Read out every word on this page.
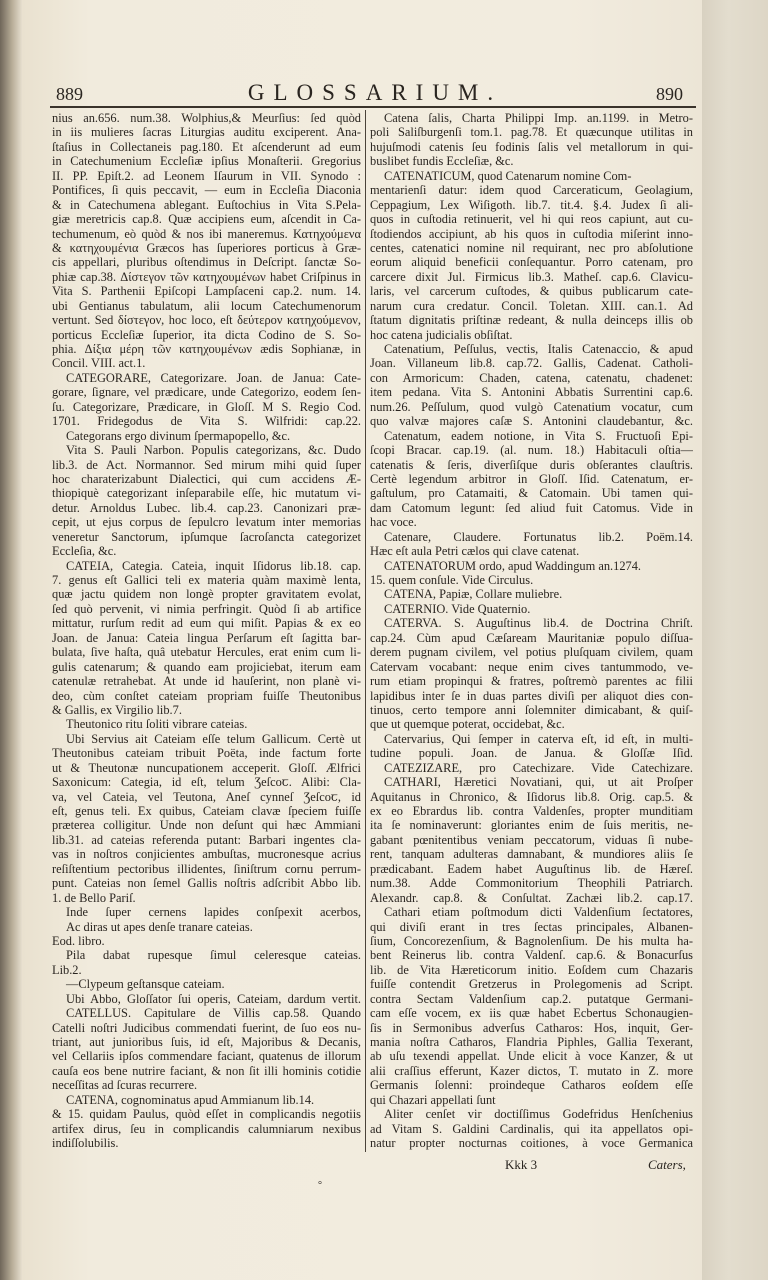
889	GLOSSARIUM.	890
nius an.656. num.38. Wolphius,& Meurſius: ſed quòd
in iis mulieres ſacras Liturgias auditu exciperent. Ana-
ſtaſius in Collectaneis pag.180. Et aſcenderunt ad eum
in Catechumenium Eccleſiæ ipſius Monaſterii. Gregorius
II. PP. Epiſt.2. ad Leonem Iſaurum in VII. Synodo :
Pontifices, ſi quis peccavit, — eum in Eccleſia Diaconia
& in Catechumena ablegant. Euſtochius in Vita S.Pela-
giæ meretricis cap.8. Quæ accipiens eum, aſcendit in Ca-
techumenum, eò quòd & nos ibi maneremus. Κατηχούμενα
& κατηχουμένια Græcos has ſuperiores porticus à Græ-
cis appellari, pluribus oſtendimus in Deſcript. ſanctæ So-
phiæ cap.38. Δίστεγον τῶν κατηχουμένων habet Criſpinus in
Vita S. Parthenii Epiſcopi Lampſaceni cap.2. num. 14.
ubi Gentianus tabulatum, alii locum Catechumenorum
vertunt. Sed δίστεγον, hoc loco, eſt δεύτερον κατηχούμενον,
porticus Eccleſiæ ſuperior, ita dicta Codino de S. So-
phia. Δίξια μέρη τῶν κατηχουμένων ædis Sophianæ, in
Concil. VIII. act.1.
CATEGORARE, Categorizare. Joan. de Janua: Cate-
gorare, ſignare, vel prædicare, unde Categorizo, eodem ſen-
ſu. Categorizare, Prædicare, in Gloſſ. M S. Regio Cod.
1701. Fridegodus de Vita S. Wilfridi: cap.22.
Categorans ergo divinum ſpermapopello, &c.
Vita S. Pauli Narbon. Populis categorizans, &c. Dudo
lib.3. de Act. Normannor. Sed mirum mihi quid ſuper
hoc charaterizabunt Dialectici, qui cum accidens Æ-
thiopiquè categorizant inſeparabile eſſe, hic mutatum vi-
detur. Arnoldus Lubec. lib.4. cap.23. Canonizari præ-
cepit, ut ejus corpus de ſepulcro levatum inter memorias
veneretur Sanctorum, ipſumque ſacroſancta categorizet
Eccleſia, &c.
CATEIA, Categia. Cateia, inquit Iſidorus lib.18. cap.
7. genus eſt Gallici teli ex materia quàm maximè lenta,
quæ jactu quidem non longè propter gravitatem evolat,
ſed quò pervenit, vi nimia perfringit. Quòd ſi ab artifice
mittatur, rurſum redit ad eum qui miſit. Papias & ex eo
Joan. de Janua: Cateia lingua Perſarum eſt ſagitta bar-
bulata, ſive haſta, quâ utebatur Hercules, erat enim cum li-
gulis catenarum; & quando eam projiciebat, iterum eam
catenulæ retrahebat. At unde id hauſerint, non planè vi-
deo, cùm conſtet cateiam propriam fuiſſe Theutonibus
& Gallis, ex Virgilio lib.7.
Theutonico ritu ſoliti vibrare cateias.
Ubi Servius ait Cateiam eſſe telum Gallicum. Certè ut
Theutonibus cateiam tribuit Poëta, inde factum forte
ut & Theutonæ nuncupationem acceperit. Gloſſ. Ælfrici
Saxonicum: Categia, id eſt, telum Ʒeſcoꞇ. Alibi: Cla-
va, vel Cateia, vel Teutona, Aneſ cynneſ Ʒeſcoꞇ, id
eſt, genus teli. Ex quibus, Cateiam clavæ ſpeciem fuiſſe
præterea colligitur. Unde non deſunt qui hæc Ammiani
lib.31. ad cateias referenda putant: Barbari ingentes cla-
vas in noſtros conjicientes ambuſtas, mucronesque acrius
reſiſtentium pectoribus illidentes, ſiniſtrum cornu perrum-
punt. Cateias non ſemel Gallis noſtris adſcribit Abbo lib.
1. de Bello Pariſ.
Inde ſuper cernens lapides conſpexit acerbos,
Ac diras ut apes denſe tranare cateias.
Eod. libro.
Pila dabat rupesque ſimul celeresque cateias.
Lib.2.
—Clypeum geſtansque cateiam.
Ubi Abbo, Gloſſator ſui operis, Cateiam, dardum vertit.
CATELLUS. Capitulare de Villis cap.58. Quando
Catelli noſtri Judicibus commendati fuerint, de ſuo eos nu-
triant, aut junioribus ſuis, id eſt, Majoribus & Decanis,
vel Cellariis ipſos commendare faciant, quatenus de illorum
cauſa eos bene nutrire faciant, & non ſit illi hominis cotidie
neceſſitas ad ſcuras recurrere.
CATENA, cognominatus apud Ammianum lib.14.
& 15. quidam Paulus, quòd eſſet in complicandis negotiis
artifex dirus, ſeu in complicandis calumniarum nexibus
indiſſolubilis.
Catena ſalis, Charta Philippi Imp. an.1199. in Metro-
poli Saliſburgenſi tom.1. pag.78. Et quæcunque utilitas in
hujuſmodi catenis ſeu fodinis ſalis vel metallorum in qui-
buslibet fundis Eccleſiæ, &c.
CATENATICUM, quod Catenarum nomine Com-
mentarienſi datur: idem quod Carceraticum, Geolagium,
Ceppagium, Lex Wiſigoth. lib.7. tit.4. §.4. Judex ſi ali-
quos in cuſtodia retinuerit, vel hi qui reos capiunt, aut cu-
ſtodiendos accipiunt, ab his quos in cuſtodia miſerint inno-
centes, catenatici nomine nil requirant, nec pro abſolutione
eorum aliquid beneficii conſequantur. Porro catenam, pro
carcere dixit Jul. Firmicus lib.3. Matheſ. cap.6. Clavicu-
laris, vel carcerum cuſtodes, & quibus publicarum cate-
narum cura credatur. Concil. Toletan. XIII. can.1. Ad
ſtatum dignitatis priſtinæ redeant, & nulla deinceps illis ob
hoc catena judicialis obſiſtat.
Catenatium, Peſſulus, vectis, Italis Catenaccio, & apud
Joan. Villaneum lib.8. cap.72. Gallis, Cadenat. Catholi-
con Armoricum: Chaden, catena, catenatu, chadenet:
item pedana. Vita S. Antonini Abbatis Surrentini cap.6.
num.26. Peſſulum, quod vulgò Catenatium vocatur, cum
quo valvæ majores caſæ S. Antonini claudebantur, &c.
Catenatum, eadem notione, in Vita S. Fructuoſi Epi-
ſcopi Bracar. cap.19. (al. num. 18.) Habitaculi oſtia—
catenatis & ſeris, diverſiſque duris obſerantes clauſtris.
Certè legendum arbitror in Gloſſ. Iſid. Catenatum, er-
gaſtulum, pro Catamaiti, & Catomain. Ubi tamen qui-
dam Catomum legunt: ſed aliud fuit Catomus. Vide in
hac voce.
Catenare, Claudere. Fortunatus lib.2. Poëm.14.
Hæc eſt aula Petri cælos qui clave catenat.
CATENATORUM ordo, apud Waddingum an.1274.
15. quem conſule. Vide Circulus.
CATENA, Papiæ, Collare muliebre.
CATERNIO. Vide Quaternio.
CATERVA. S. Auguſtinus lib.4. de Doctrina Chriſt.
cap.24. Cùm apud Cæſaream Mauritaniæ populo diſſua-
derem pugnam civilem, vel potius pluſquam civilem, quam
Catervam vocabant: neque enim cives tantummodo, ve-
rum etiam propinqui & fratres, poſtremò parentes ac filii
lapidibus inter ſe in duas partes diviſi per aliquot dies con-
tinuos, certo tempore anni ſolemniter dimicabant, & quiſ-
que ut quemque poterat, occidebat, &c.
Catervarius, Qui ſemper in caterva eſt, id eſt, in multi-
tudine populi. Joan. de Janua. & Gloſſæ Iſid.
CATEZIZARE, pro Catechizare. Vide Catechizare.
CATHARI, Hæretici Novatiani, qui, ut ait Proſper
Aquitanus in Chronico, & Iſidorus lib.8. Orig. cap.5. &
ex eo Ebrardus lib. contra Valdenſes, propter munditiam
ita ſe nominaverunt: gloriantes enim de ſuis meritis, ne-
gabant pœnitentibus veniam peccatorum, viduas ſi nube-
rent, tanquam adulteras damnabant, & mundiores aliis ſe
prædicabant. Eadem habet Auguſtinus lib. de Hæreſ.
num.38. Adde Commonitorium Theophili Patriarch.
Alexandr. cap.8. & Conſultat. Zachæi lib.2. cap.17.
Cathari etiam poſtmodum dicti Valdenſium ſectatores,
qui diviſi erant in tres ſectas principales, Albanen-
ſium, Concorezenſium, & Bagnolenſium. De his multa ha-
bent Reinerus lib. contra Valdenſ. cap.6. & Bonacurſus
lib. de Vita Hæreticorum initio. Eoſdem cum Chazaris
fuiſſe contendit Gretzerus in Prolegomenis ad Script.
contra Sectam Valdenſium cap.2. putatque Germani-
cam eſſe vocem, ex iis quæ habet Ecbertus Schonaugien-
ſis in Sermonibus adverſus Catharos: Hos, inquit, Ger-
mania noſtra Catharos, Flandria Piphles, Gallia Texerant,
ab uſu texendi appellat. Unde elicit à voce Kanzer, & ut
alii craſſius efferunt, Kazer dictos, T. mutato in Z. more
Germanis ſolenni: proindeque Catharos eoſdem eſſe
qui Chazari appellati ſunt
Aliter cenſet vir doctiſſimus Godefridus Henſchenius
ad Vitam S. Galdini Cardinalis, qui ita appellatos opi-
natur propter nocturnas coitiones, à voce Germanica
°
Kkk 3	Caters,
